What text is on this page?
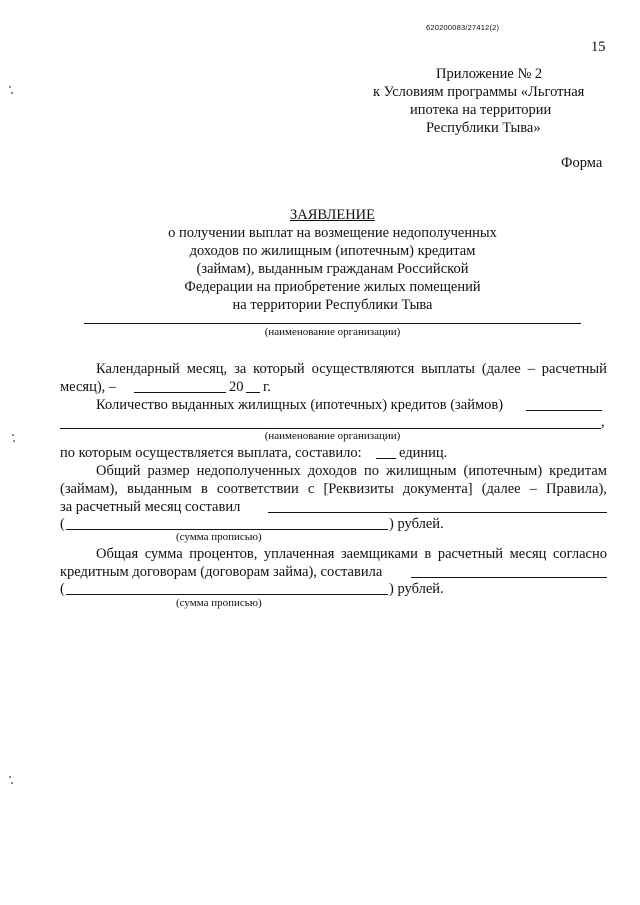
620200083/27412(2)
15
Приложение № 2
к Условиям программы «Льготная
ипотека на территории
Республики Тыва»
Форма
ЗАЯВЛЕНИЕ
о получении выплат на возмещение недополученных
доходов по жилищным (ипотечным) кредитам
(займам), выданным гражданам Российской
Федерации на приобретение жилых помещений
на территории Республики Тыва
(наименование организации)
Календарный месяц, за который осуществляются выплаты (далее – расчетный
месяц), –	20 г.
Количество выданных жилищных (ипотечных) кредитов (займов)
,
(наименование организации)
по которым осуществляется выплата, составило:	единиц.
Общий размер недополученных доходов по жилищным (ипотечным) кредитам
(займам), выданным в соответствии с [Реквизиты документа] (далее – Правила),
за расчетный месяц составил
(	) рублей.
(сумма прописью)
Общая сумма процентов, уплаченная заемщиками в расчетный месяц согласно
кредитным договорам (договорам займа), составила
(	) рублей.
(сумма прописью)
